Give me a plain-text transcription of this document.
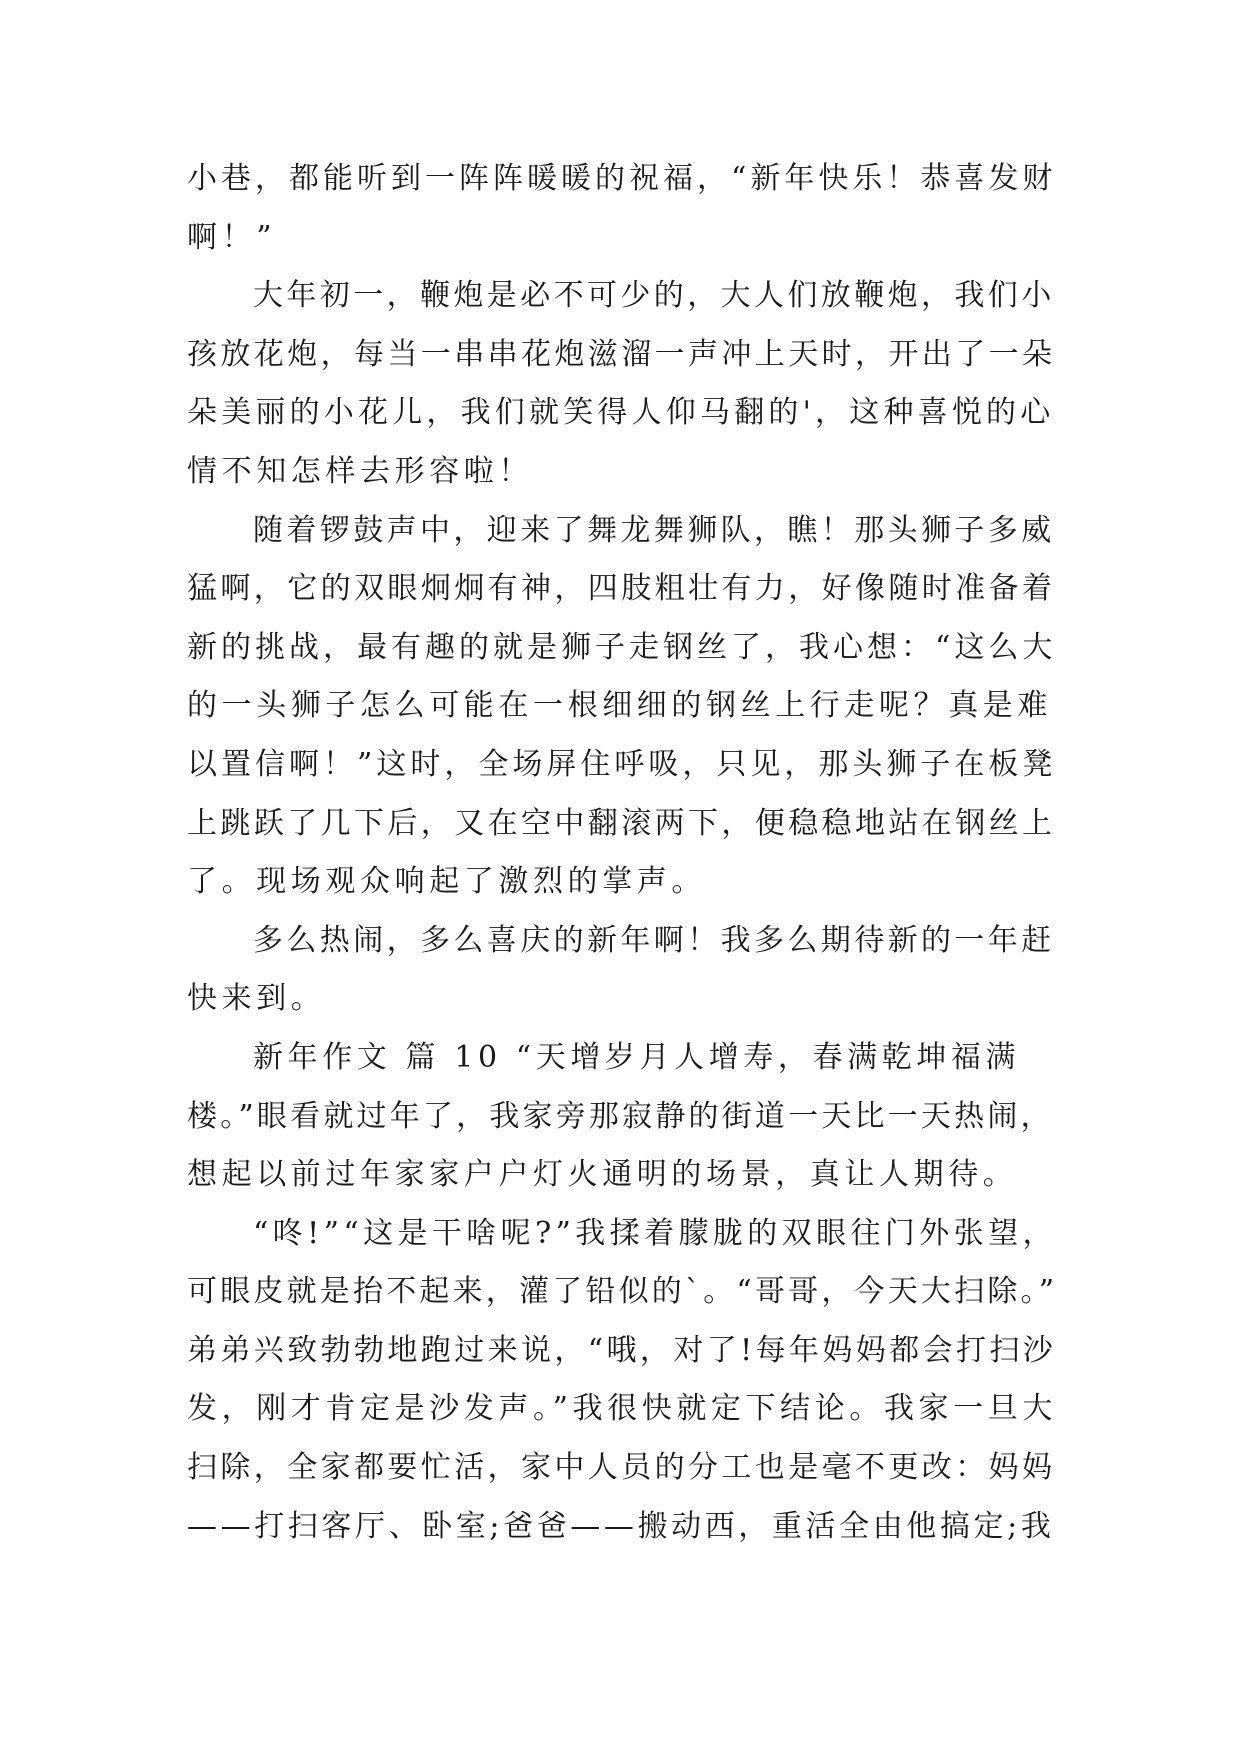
小巷，都能听到一阵阵暖暖的祝福，“新年快乐！恭喜发财
啊！”
大年初一，鞭炮是必不可少的，大人们放鞭炮，我们小
孩放花炮，每当一串串花炮滋溜一声冲上天时，开出了一朵
朵美丽的小花儿，我们就笑得人仰马翻的'，这种喜悦的心
情不知怎样去形容啦！
随着锣鼓声中，迎来了舞龙舞狮队，瞧！那头狮子多威
猛啊，它的双眼炯炯有神，四肢粗壮有力，好像随时准备着
新的挑战，最有趣的就是狮子走钢丝了，我心想：“这么大
的一头狮子怎么可能在一根细细的钢丝上行走呢？真是难
以置信啊！”这时，全场屏住呼吸，只见，那头狮子在板凳
上跳跃了几下后，又在空中翻滚两下，便稳稳地站在钢丝上
了。现场观众响起了激烈的掌声。
多么热闹，多么喜庆的新年啊！我多么期待新的一年赶
快来到。
新年作文 篇 10 “天增岁月人增寿，春满乾坤福满
楼。”眼看就过年了，我家旁那寂静的街道一天比一天热闹，
想起以前过年家家户户灯火通明的场景，真让人期待。
“咚!”“这是干啥呢?”我揉着朦胧的双眼往门外张望，
可眼皮就是抬不起来，灌了铅似的`。“哥哥，今天大扫除。”
弟弟兴致勃勃地跑过来说，“哦，对了!每年妈妈都会打扫沙
发，刚才肯定是沙发声。”我很快就定下结论。我家一旦大
扫除，全家都要忙活，家中人员的分工也是毫不更改：妈妈
——打扫客厅、卧室;爸爸——搬动西，重活全由他搞定;我
